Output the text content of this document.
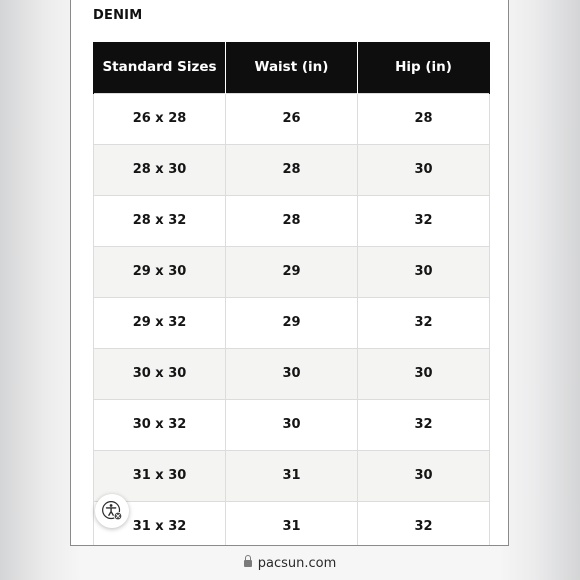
DENIM
Standard Sizes	Waist (in)	Hip (in)
26 x 28	26	28
28 x 30	28	30
28 x 32	28	32
29 x 30	29	30
29 x 32	29	32
30 x 30	30	30
30 x 32	30	32
31 x 30	31	30
31 x 32	31	32
pacsun.com
